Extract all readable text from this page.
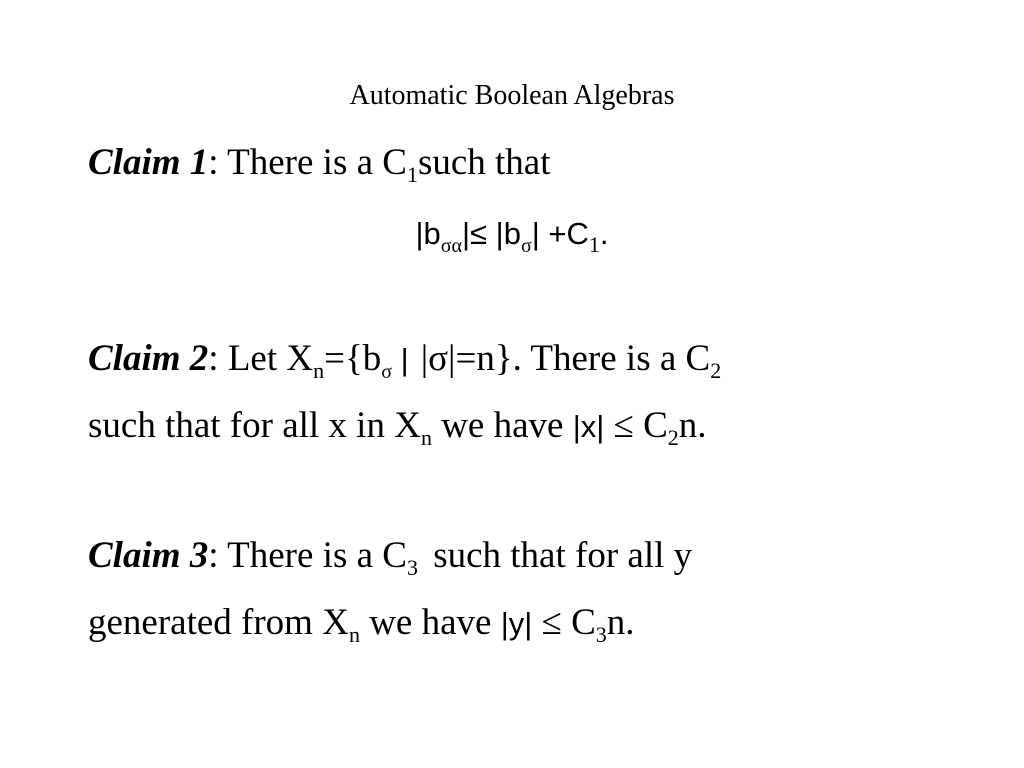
Automatic Boolean Algebras
Claim 1: There is a $C_1such$ that
$|b_{\sigma\alpha}|\le |b_\sigma| +C_1$.
Claim 2: Let $X_n=\{b_\sigma$ | |σ|=n}. There is a $C_2$
such that for all x in $X_n$ we have $|x| \le C_2n$.
Claim 3: There is a $C_3$ such that for all y
generated from $X_n$ we have $|y| \le C_3n$.
